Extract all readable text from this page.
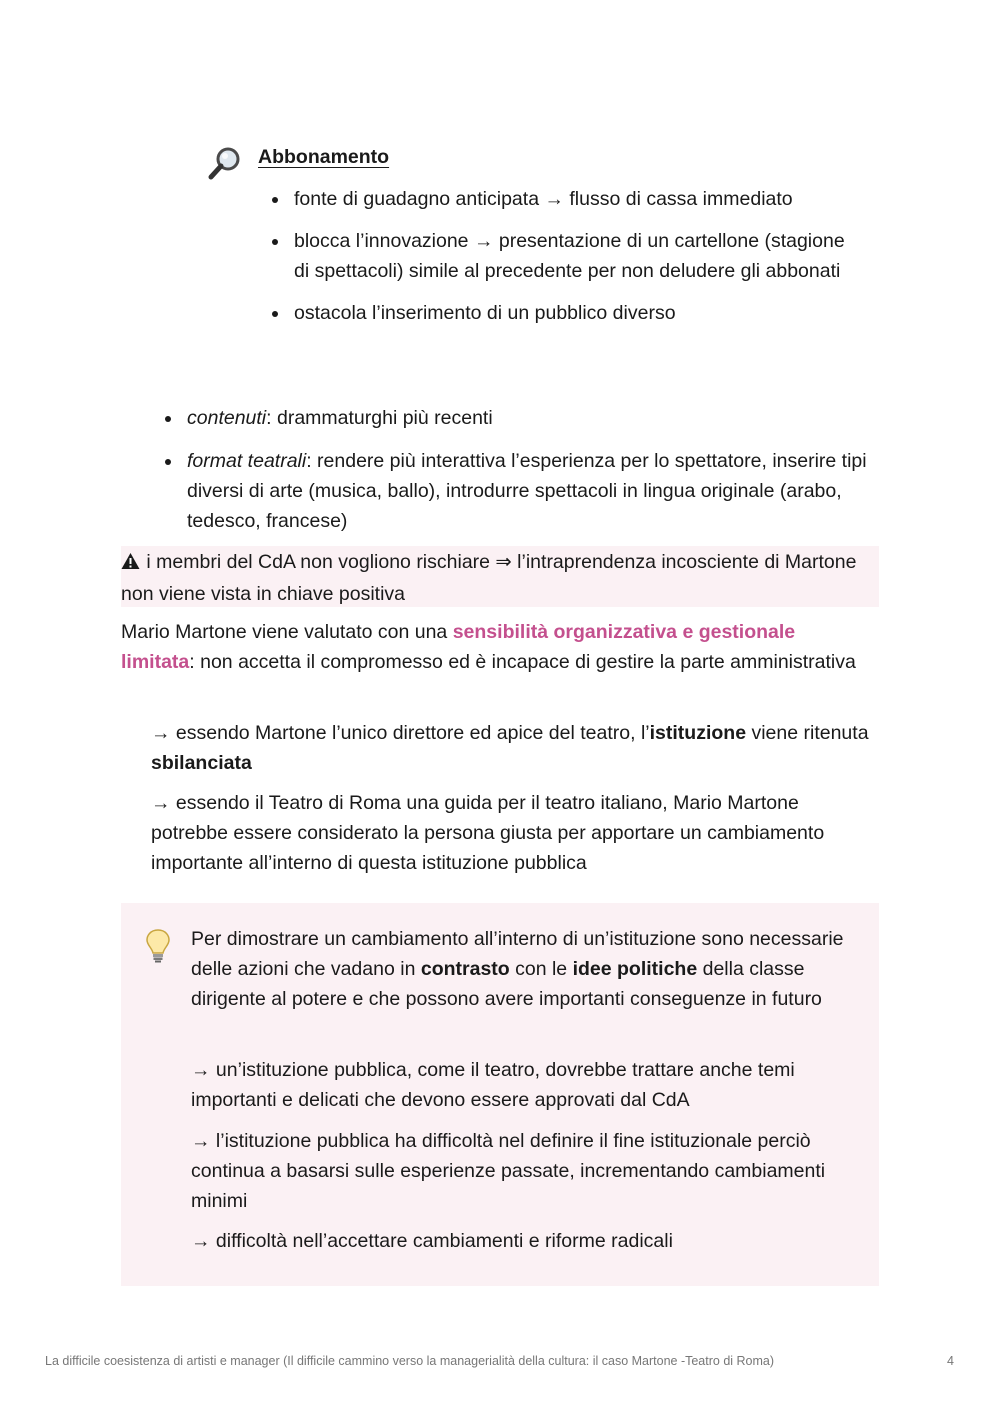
Abbonamento
fonte di guadagno anticipata → flusso di cassa immediato
blocca l’innovazione → presentazione di un cartellone (stagione di spettacoli) simile al precedente per non deludere gli abbonati
ostacola l’inserimento di un pubblico diverso
contenuti: drammaturghi più recenti
format teatrali: rendere più interattiva l’esperienza per lo spettatore, inserire tipi diversi di arte (musica, ballo), introdurre spettacoli in lingua originale (arabo, tedesco, francese)

i membri del CdA non vogliono rischiare ⇒ l’intraprendenza incosciente di Martone non viene vista in chiave positiva

Mario Martone viene valutato con una sensibilità organizzativa e gestionale limitata: non accetta il compromesso ed è incapace di gestire la parte amministrativa

→ essendo Martone l’unico direttore ed apice del teatro, l’istituzione viene ritenuta sbilanciata

→ essendo il Teatro di Roma una guida per il teatro italiano, Mario Martone potrebbe essere considerato la persona giusta per apportare un cambiamento importante all’interno di questa istituzione pubblica

Per dimostrare un cambiamento all’interno di un’istituzione sono necessarie delle azioni che vadano in contrasto con le idee politiche della classe dirigente al potere e che possono avere importanti conseguenze in futuro

→ un’istituzione pubblica, come il teatro, dovrebbe trattare anche temi importanti e delicati che devono essere approvati dal CdA

→ l’istituzione pubblica ha difficoltà nel definire il fine istituzionale perciò continua a basarsi sulle esperienze passate, incrementando cambiamenti minimi

→ difficoltà nell’accettare cambiamenti e riforme radicali

La difficile coesistenza di artisti e manager (Il difficile cammino verso la managerialità della cultura: il caso Martone -Teatro di Roma)	4
